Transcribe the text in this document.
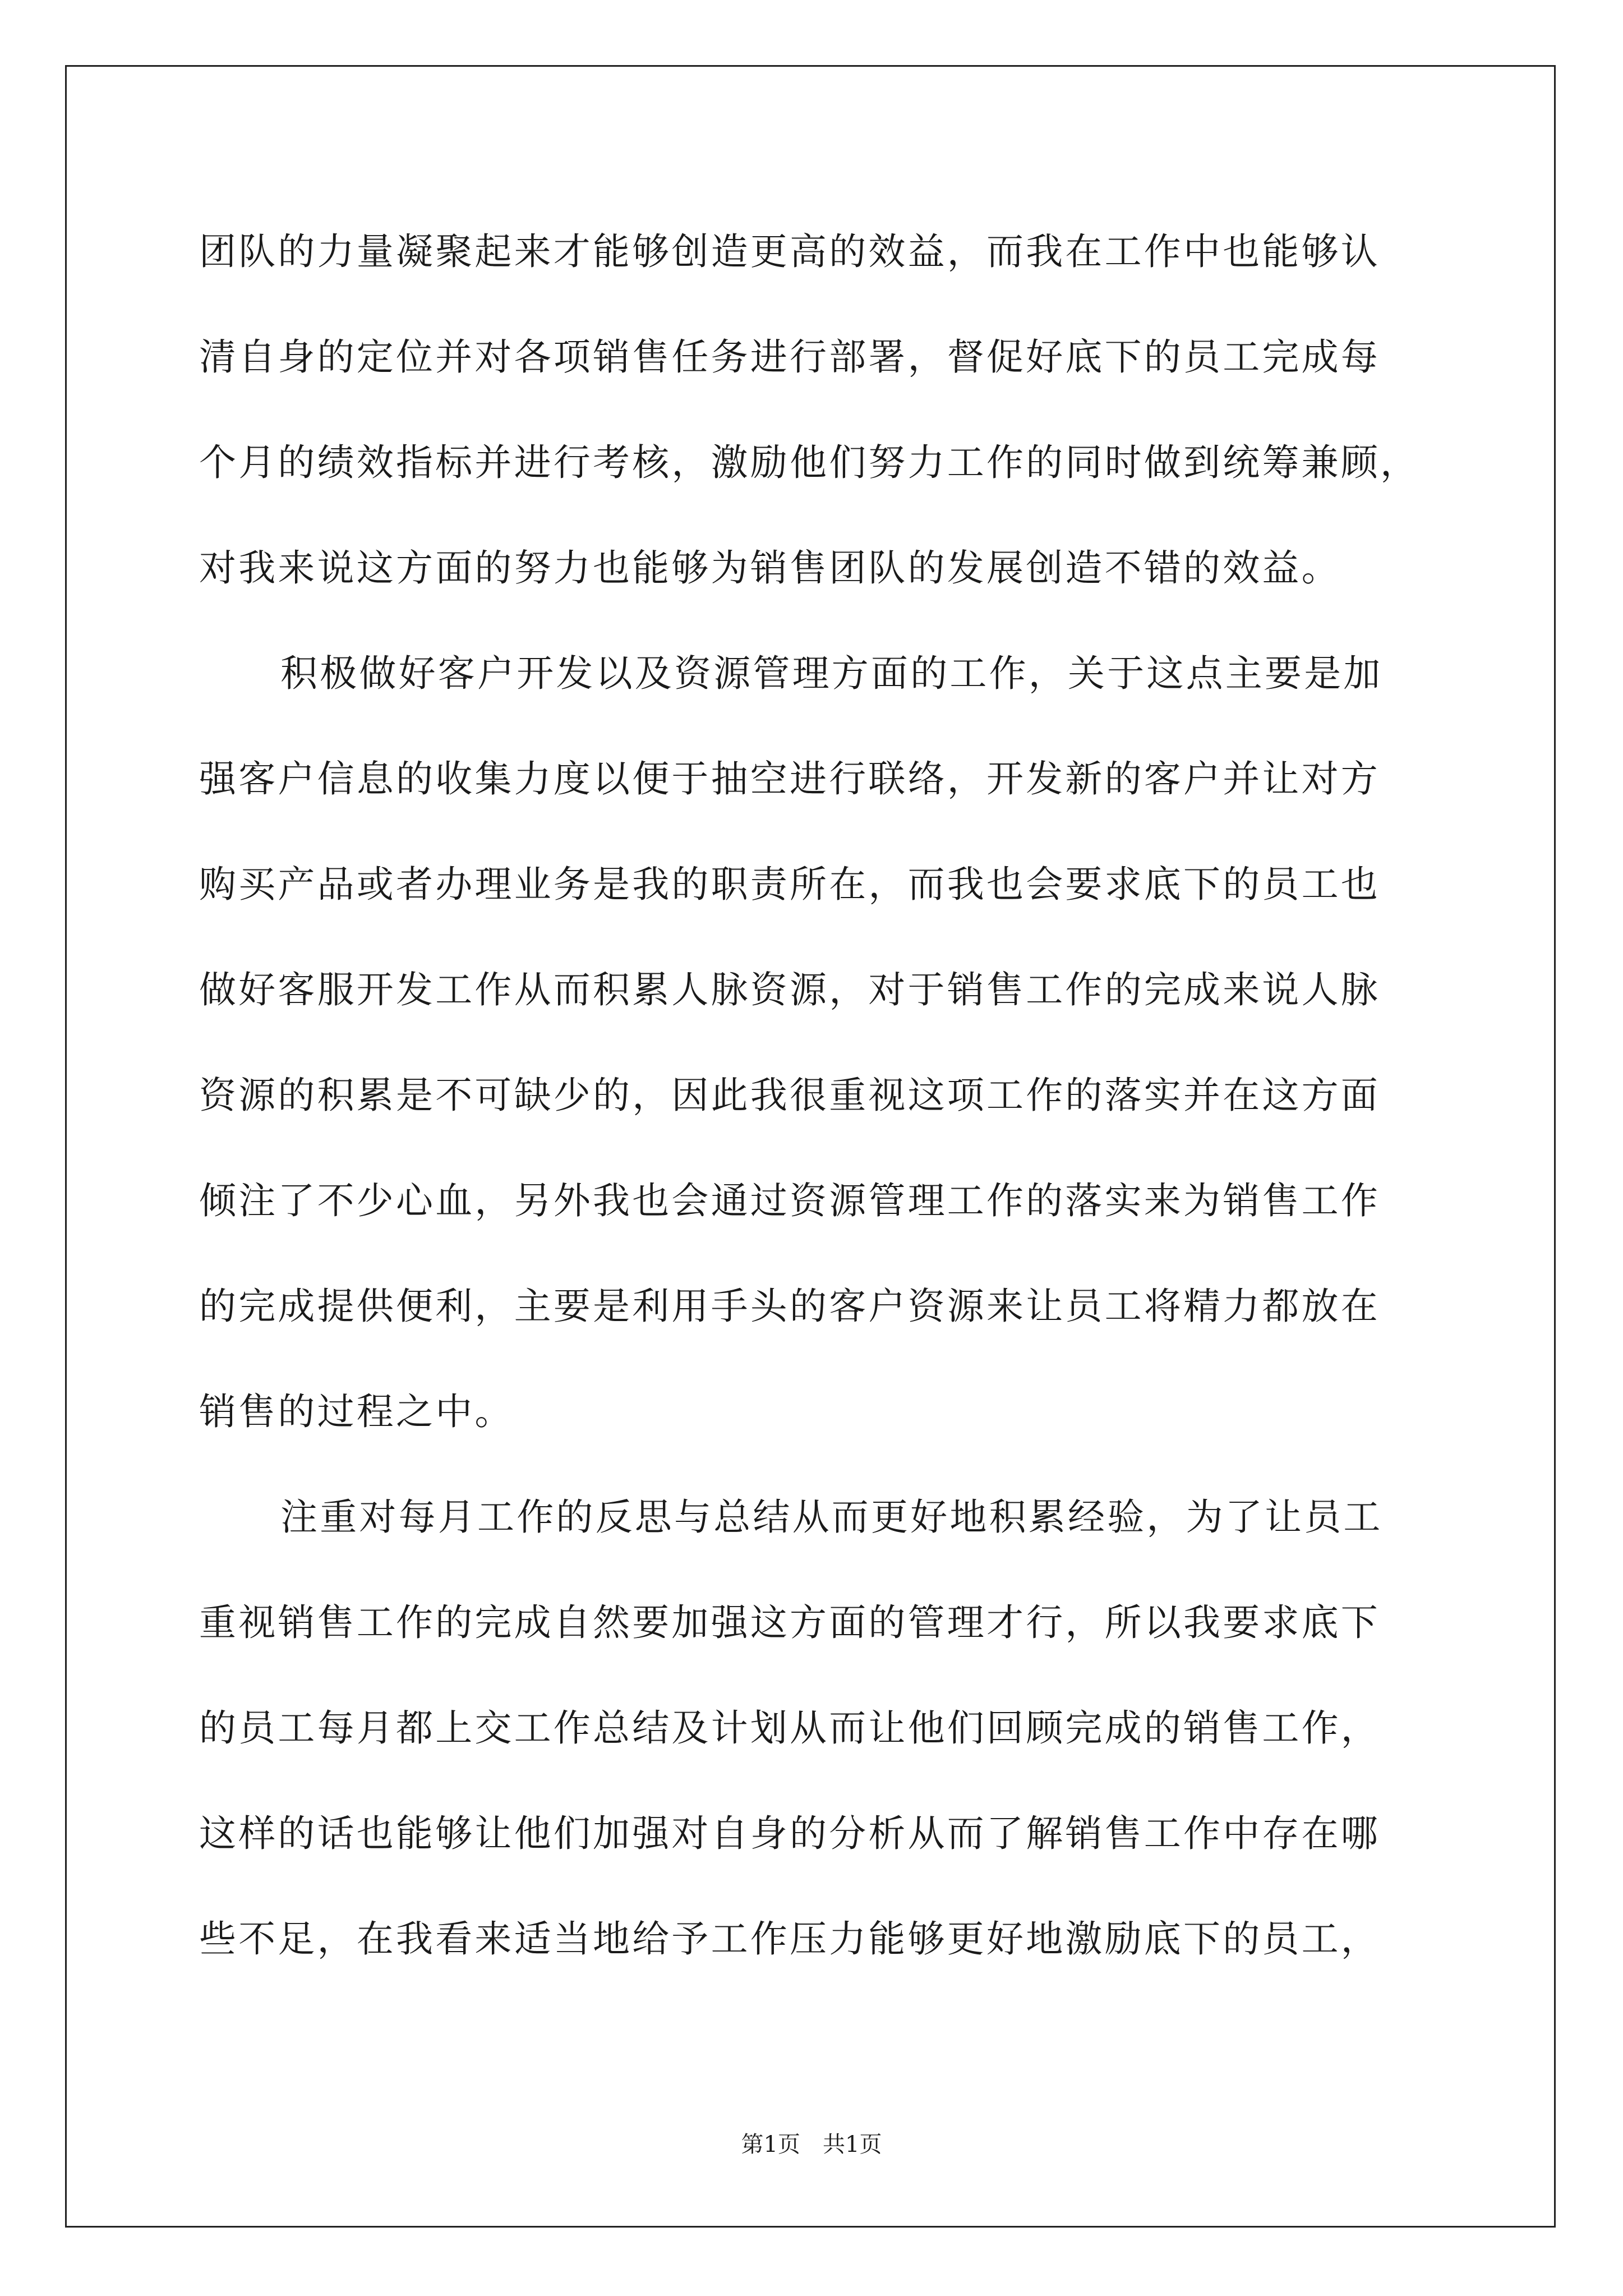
团队的力量凝聚起来才能够创造更高的效益，而我在工作中也能够认
清自身的定位并对各项销售任务进行部署，督促好底下的员工完成每
个月的绩效指标并进行考核，激励他们努力工作的同时做到统筹兼顾，
对我来说这方面的努力也能够为销售团队的发展创造不错的效益。
积极做好客户开发以及资源管理方面的工作，关于这点主要是加
强客户信息的收集力度以便于抽空进行联络，开发新的客户并让对方
购买产品或者办理业务是我的职责所在，而我也会要求底下的员工也
做好客服开发工作从而积累人脉资源，对于销售工作的完成来说人脉
资源的积累是不可缺少的，因此我很重视这项工作的落实并在这方面
倾注了不少心血，另外我也会通过资源管理工作的落实来为销售工作
的完成提供便利，主要是利用手头的客户资源来让员工将精力都放在
销售的过程之中。
注重对每月工作的反思与总结从而更好地积累经验，为了让员工
重视销售工作的完成自然要加强这方面的管理才行，所以我要求底下
的员工每月都上交工作总结及计划从而让他们回顾完成的销售工作，
这样的话也能够让他们加强对自身的分析从而了解销售工作中存在哪
些不足，在我看来适当地给予工作压力能够更好地激励底下的员工，
第1页 共1页
